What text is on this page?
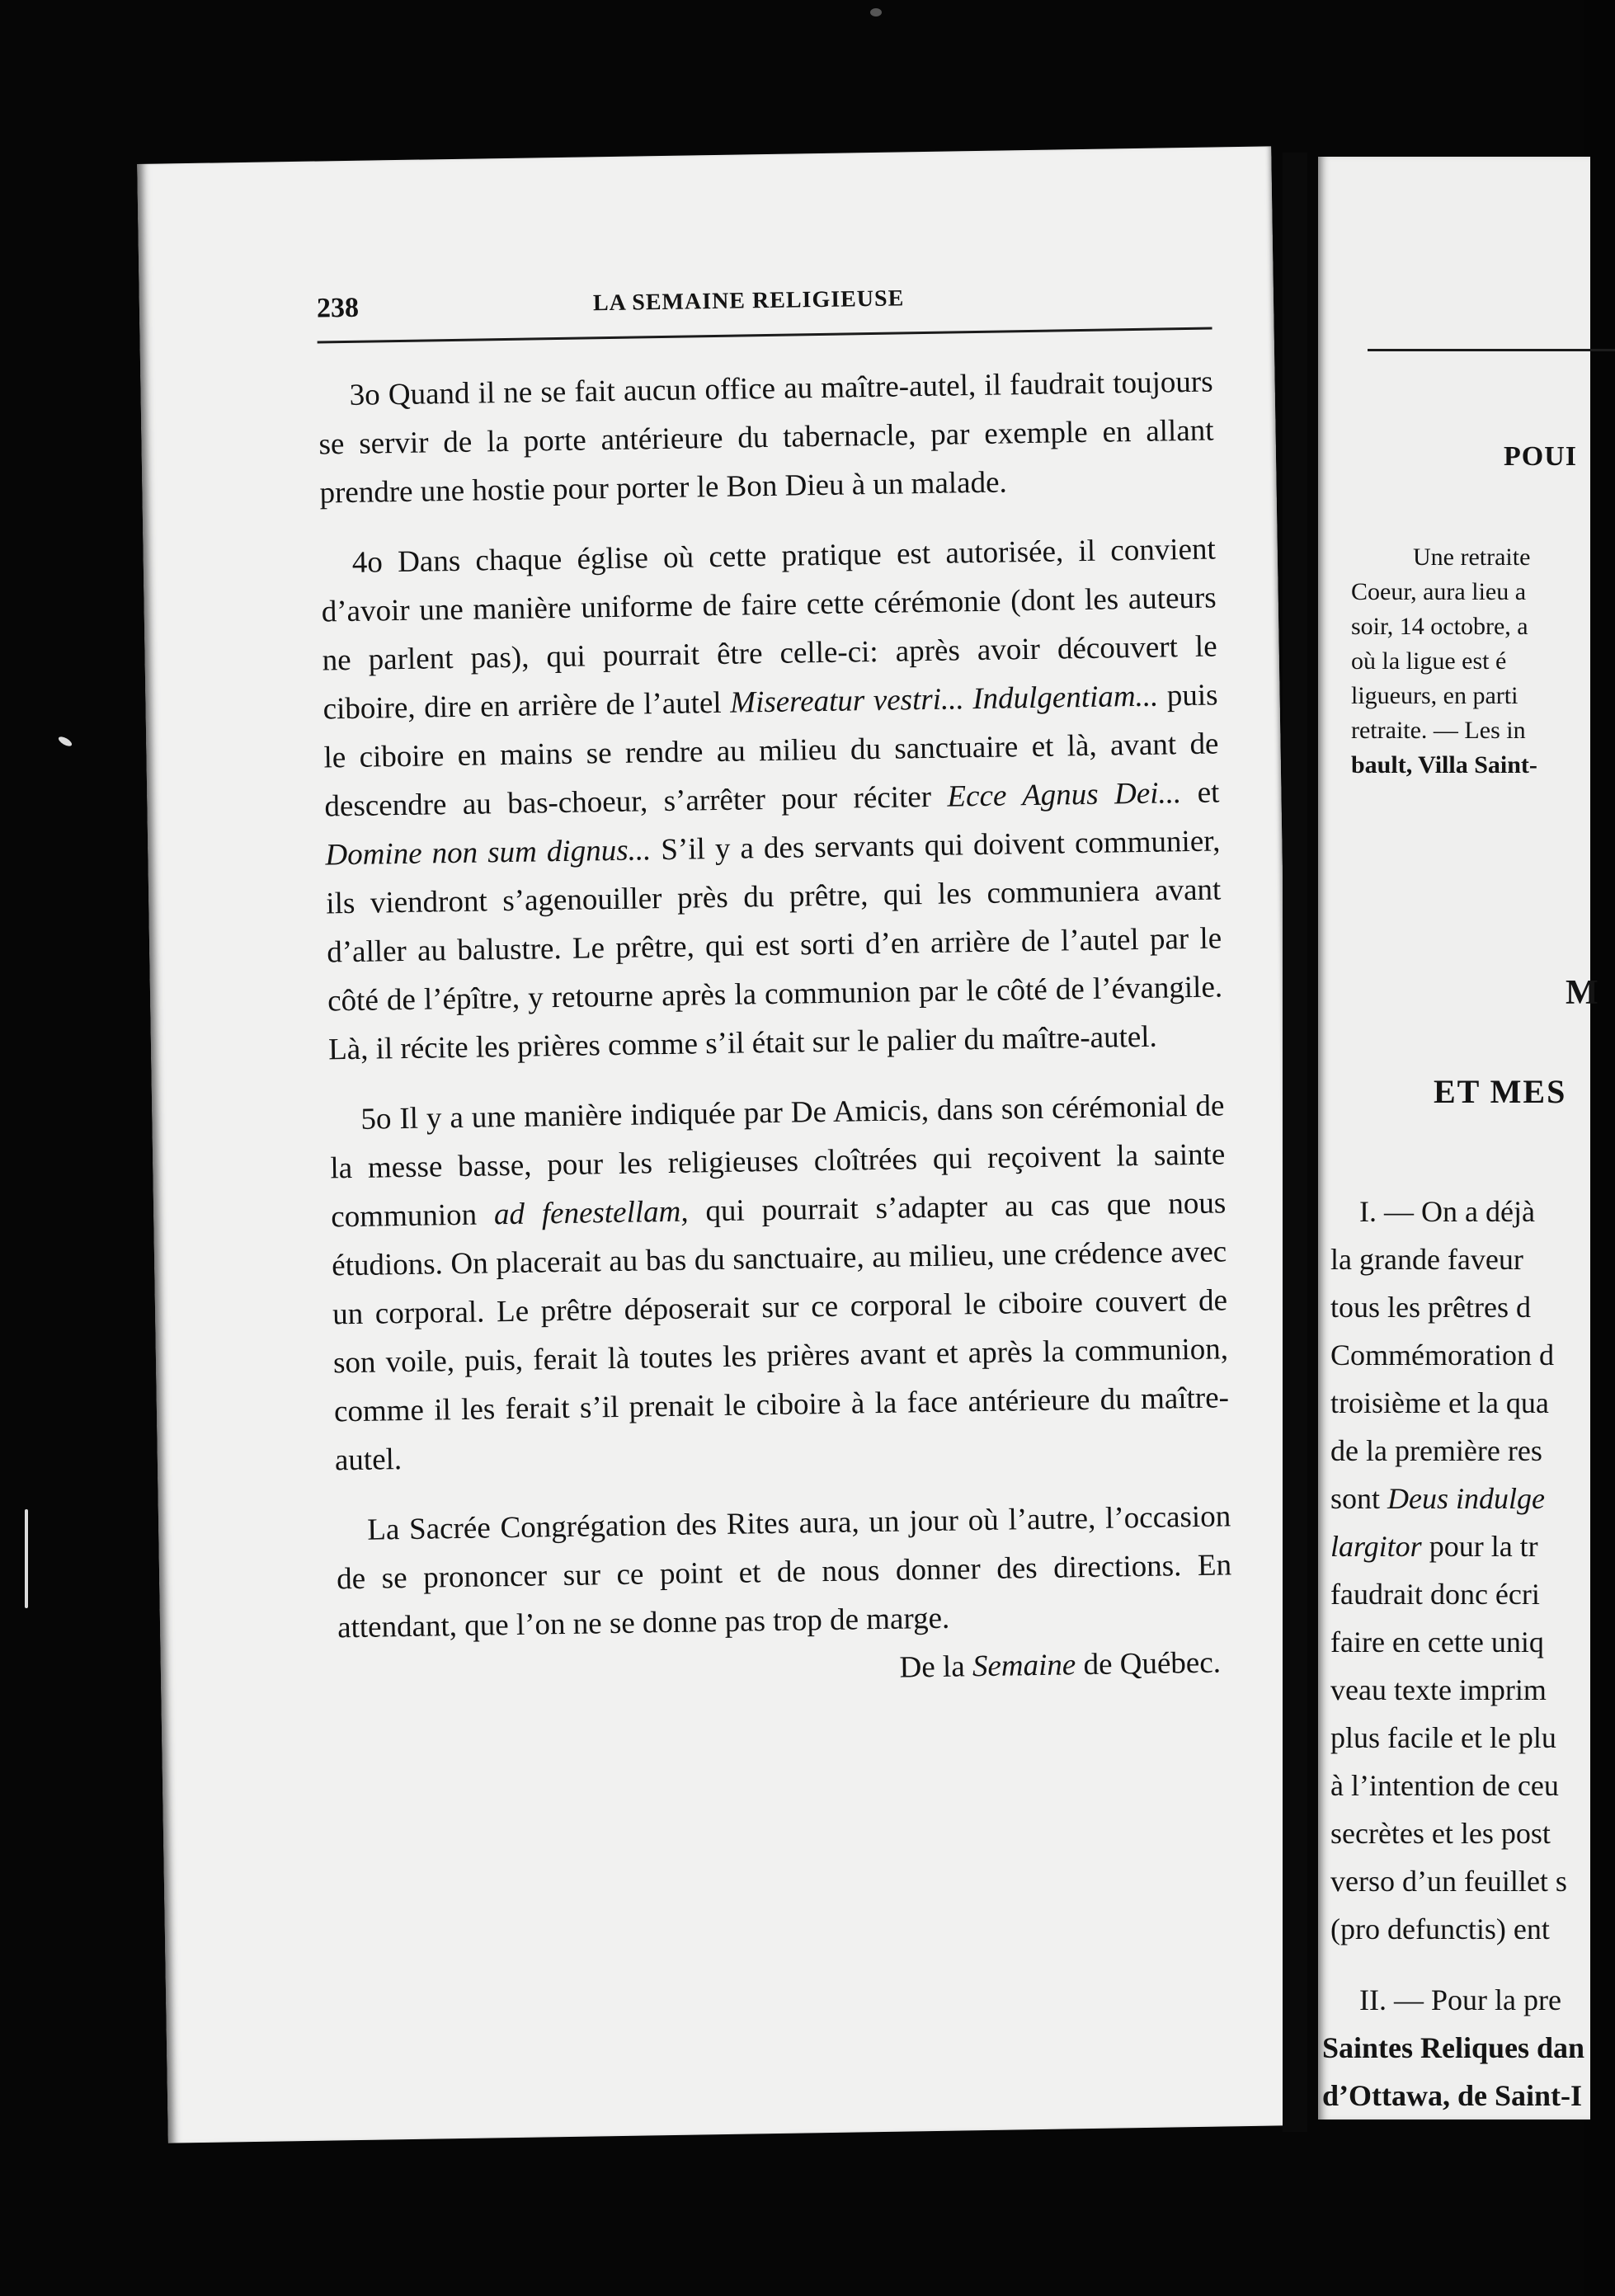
238	LA SEMAINE RELIGIEUSE

3o Quand il ne se fait aucun office au maître-autel, il faudrait toujours se servir de la porte antérieure du tabernacle, par exemple en allant prendre une hostie pour porter le Bon Dieu à un malade.

4o Dans chaque église où cette pratique est autorisée, il convient d’avoir une manière uniforme de faire cette cérémonie (dont les auteurs ne parlent pas), qui pourrait être celle-ci: après avoir découvert le ciboire, dire en arrière de l’autel Misereatur vestri... Indulgentiam... puis le ciboire en mains se rendre au milieu du sanctuaire et là, avant de descendre au bas-choeur, s’arrêter pour réciter Ecce Agnus Dei... et Domine non sum dignus... S’il y a des servants qui doivent communier, ils viendront s’agenouiller près du prêtre, qui les communiera avant d’aller au balustre. Le prêtre, qui est sorti d’en arrière de l’autel par le côté de l’épître, y retourne après la communion par le côté de l’évangile. Là, il récite les prières comme s’il était sur le palier du maître-autel.

5o Il y a une manière indiquée par De Amicis, dans son cérémonial de la messe basse, pour les religieuses cloîtrées qui reçoivent la sainte communion ad fenestellam, qui pourrait s’adapter au cas que nous étudions. On placerait au bas du sanctuaire, au milieu, une crédence avec un corporal. Le prêtre déposerait sur ce corporal le ciboire couvert de son voile, puis, ferait là toutes les prières avant et après la communion, comme il les ferait s’il prenait le ciboire à la face antérieure du maître-autel.

La Sacrée Congrégation des Rites aura, un jour où l’autre, l’occasion de se prononcer sur ce point et de nous donner des directions. En attendant, que l’on ne se donne pas trop de marge.

De la Semaine de Québec.
POUI
Une retraite
Coeur, aura lieu a
soir, 14 octobre, a
où la ligue est é
ligueurs, en parti
retraite. — Les in
bault, Villa Saint-
M
ET MES
I. — On a déjà
la grande faveur
tous les prêtres d
Commémoration d
troisième et la qua
de la première res
sont Deus indulge
largitor pour la tr
faudrait donc écri
faire en cette uniq
veau texte imprim
plus facile et le plu
à l’intention de ceu
secrètes et les post
verso d’un feuillet s
(pro defunctis) ent
II. — Pour la pre
Saintes Reliques dan
d’Ottawa, de Saint-I
